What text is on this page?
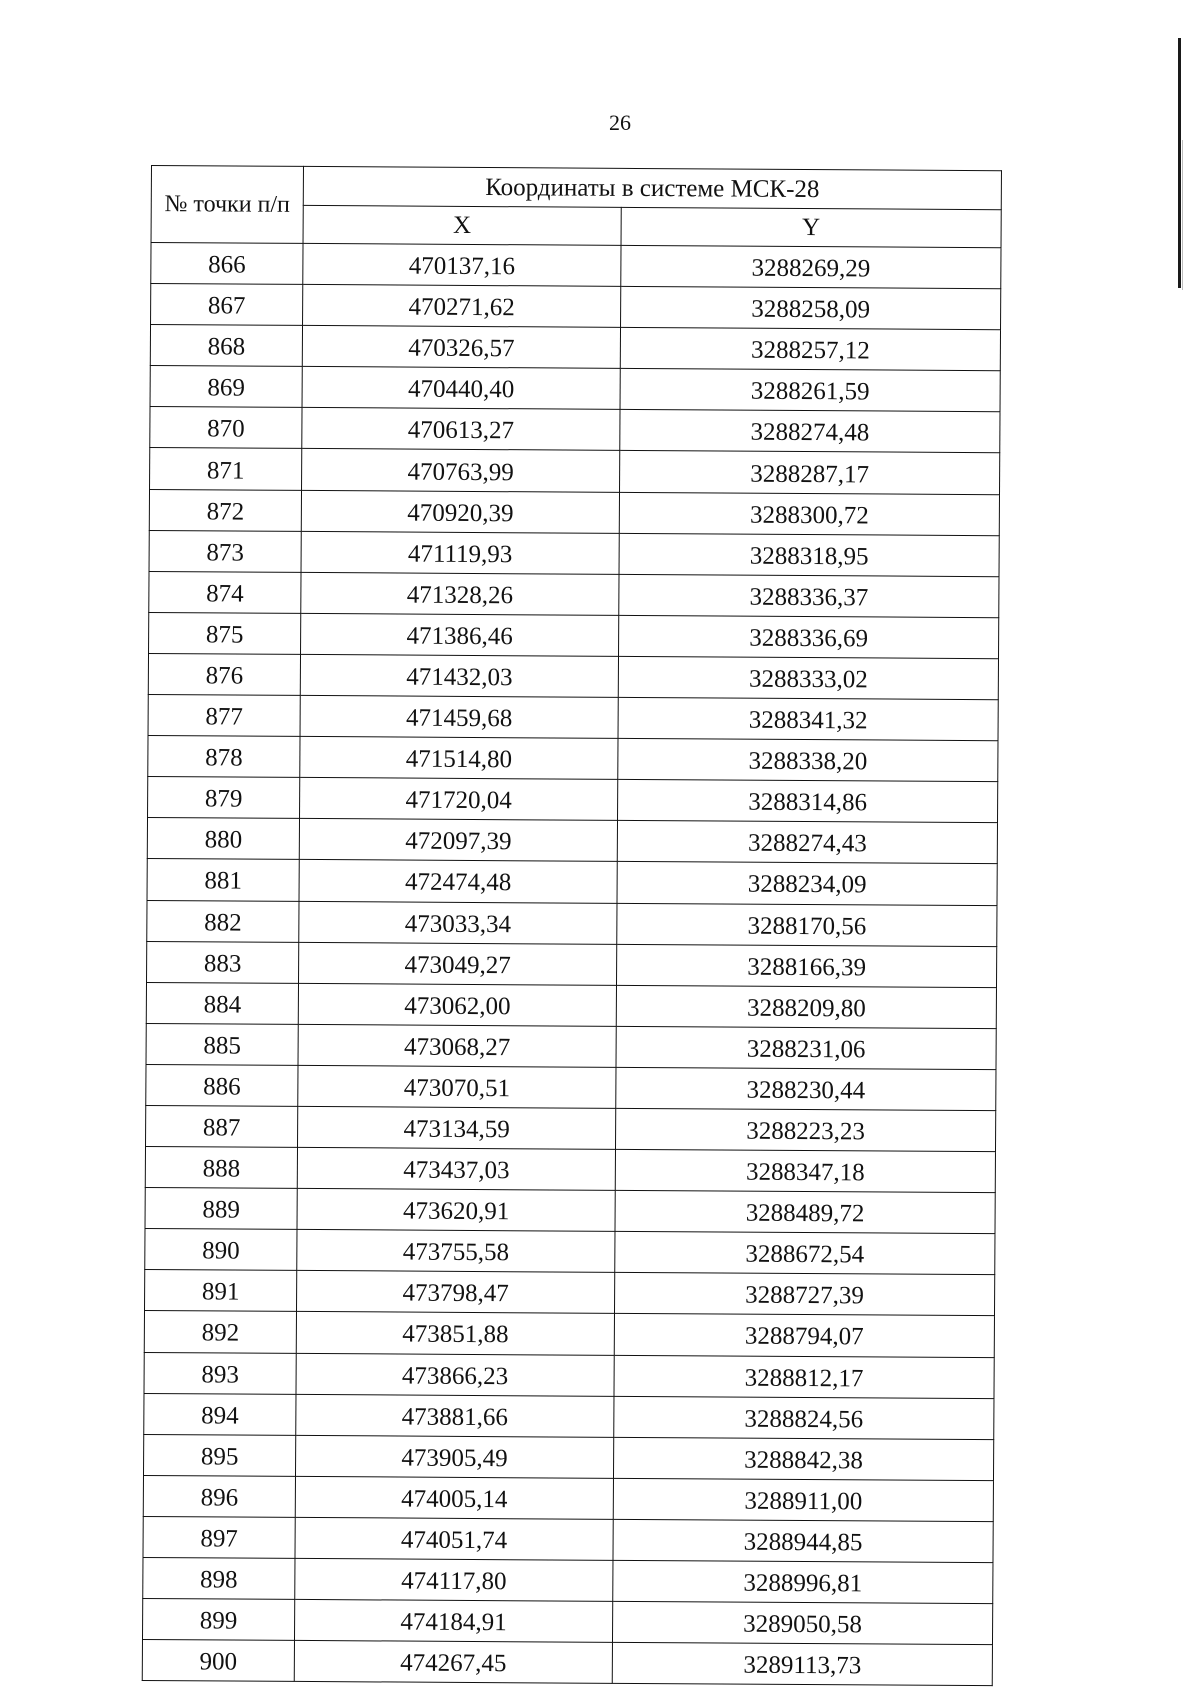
26
№ точки п/п	Координаты в системе МСК-28	
	X	Y
866	470137,16	3288269,29
867	470271,62	3288258,09
868	470326,57	3288257,12
869	470440,40	3288261,59
870	470613,27	3288274,48
871	470763,99	3288287,17
872	470920,39	3288300,72
873	471119,93	3288318,95
874	471328,26	3288336,37
875	471386,46	3288336,69
876	471432,03	3288333,02
877	471459,68	3288341,32
878	471514,80	3288338,20
879	471720,04	3288314,86
880	472097,39	3288274,43
881	472474,48	3288234,09
882	473033,34	3288170,56
883	473049,27	3288166,39
884	473062,00	3288209,80
885	473068,27	3288231,06
886	473070,51	3288230,44
887	473134,59	3288223,23
888	473437,03	3288347,18
889	473620,91	3288489,72
890	473755,58	3288672,54
891	473798,47	3288727,39
892	473851,88	3288794,07
893	473866,23	3288812,17
894	473881,66	3288824,56
895	473905,49	3288842,38
896	474005,14	3288911,00
897	474051,74	3288944,85
898	474117,80	3288996,81
899	474184,91	3289050,58
900	474267,45	3289113,73
